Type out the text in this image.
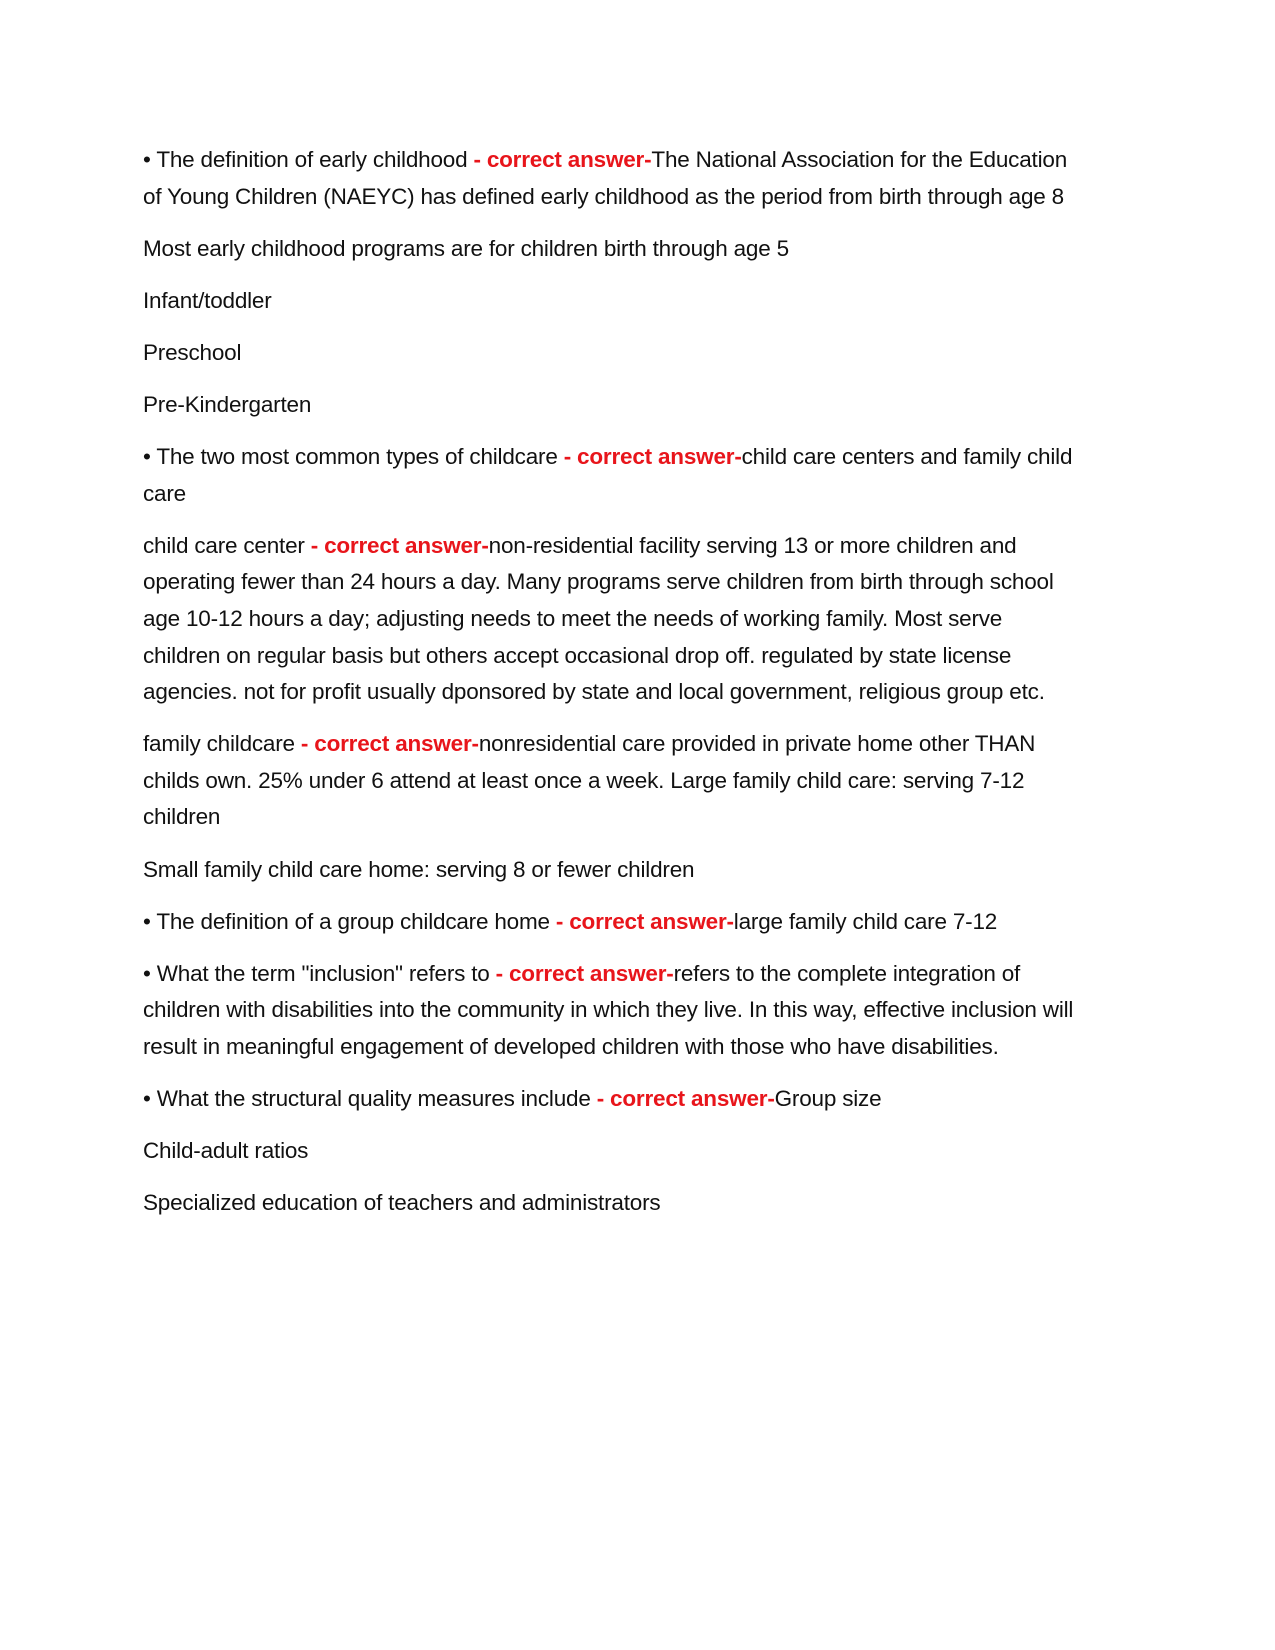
• The definition of early childhood - correct answer-The National Association for the Education of Young Children (NAEYC) has defined early childhood as the period from birth through age 8

Most early childhood programs are for children birth through age 5

Infant/toddler

Preschool

Pre-Kindergarten

• The two most common types of childcare - correct answer-child care centers and family child care

child care center - correct answer-non-residential facility serving 13 or more children and operating fewer than 24 hours a day. Many programs serve children from birth through school age 10-12 hours a day; adjusting needs to meet the needs of working family. Most serve children on regular basis but others accept occasional drop off. regulated by state license agencies. not for profit usually dponsored by state and local government, religious group etc.

family childcare - correct answer-nonresidential care provided in private home other THAN childs own. 25% under 6 attend at least once a week. Large family child care: serving 7-12 children

Small family child care home: serving 8 or fewer children

• The definition of a group childcare home - correct answer-large family child care 7-12

• What the term "inclusion" refers to - correct answer-refers to the complete integration of children with disabilities into the community in which they live. In this way, effective inclusion will result in meaningful engagement of developed children with those who have disabilities.

• What the structural quality measures include - correct answer-Group size

Child-adult ratios

Specialized education of teachers and administrators
